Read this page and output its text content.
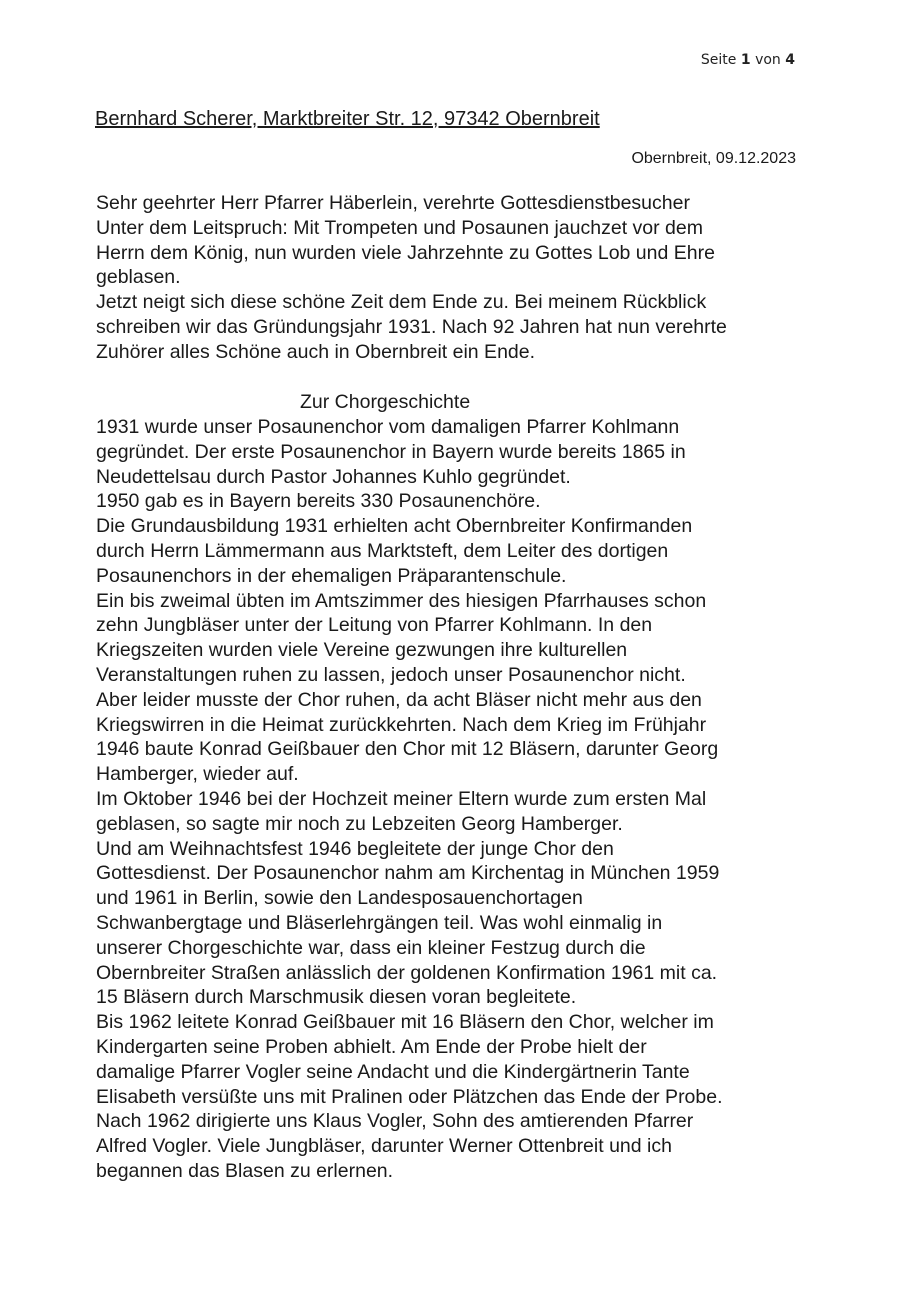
Seite 1 von 4
Bernhard Scherer, Marktbreiter Str. 12, 97342 Obernbreit
Obernbreit, 09.12.2023

Sehr geehrter Herr Pfarrer Häberlein, verehrte Gottesdienstbesucher

Unter dem Leitspruch: Mit Trompeten und Posaunen jauchzet vor dem

Herrn dem König, nun wurden viele Jahrzehnte zu Gottes Lob und Ehre

geblasen.

Jetzt neigt sich diese schöne Zeit dem Ende zu. Bei meinem Rückblick

schreiben wir das Gründungsjahr 1931. Nach 92 Jahren hat nun verehrte

Zuhörer alles Schöne auch in Obernbreit ein Ende.

Zur Chorgeschichte

1931 wurde unser Posaunenchor vom damaligen Pfarrer Kohlmann

gegründet. Der erste Posaunenchor in Bayern wurde bereits 1865 in

Neudettelsau durch Pastor Johannes Kuhlo gegründet.

1950 gab es in Bayern bereits 330 Posaunenchöre.

Die Grundausbildung 1931 erhielten acht Obernbreiter Konfirmanden

durch Herrn Lämmermann aus Marktsteft, dem Leiter des dortigen

Posaunenchors in der ehemaligen Präparantenschule.

Ein bis zweimal übten im Amtszimmer des hiesigen Pfarrhauses schon

zehn Jungbläser unter der Leitung von Pfarrer Kohlmann. In den

Kriegszeiten wurden viele Vereine gezwungen ihre kulturellen

Veranstaltungen ruhen zu lassen, jedoch unser Posaunenchor nicht.

Aber leider musste der Chor ruhen, da acht Bläser nicht mehr aus den

Kriegswirren in die Heimat zurückkehrten. Nach dem Krieg im Frühjahr

1946 baute Konrad Geißbauer den Chor mit 12 Bläsern, darunter Georg

Hamberger, wieder auf.

Im Oktober 1946 bei der Hochzeit meiner Eltern wurde zum ersten Mal

geblasen, so sagte mir noch zu Lebzeiten Georg Hamberger.

Und am Weihnachtsfest 1946 begleitete der junge Chor den

Gottesdienst. Der Posaunenchor nahm am Kirchentag in München 1959

und 1961 in Berlin, sowie den Landesposauenchortagen

Schwanbergtage und Bläserlehrgängen teil. Was wohl einmalig in

unserer Chorgeschichte war, dass ein kleiner Festzug durch die

Obernbreiter Straßen anlässlich der goldenen Konfirmation 1961 mit ca.

15 Bläsern durch Marschmusik diesen voran begleitete.

Bis 1962 leitete Konrad Geißbauer mit 16 Bläsern den Chor, welcher im

Kindergarten seine Proben abhielt. Am Ende der Probe hielt der

damalige Pfarrer Vogler seine Andacht und die Kindergärtnerin Tante

Elisabeth versüßte uns mit Pralinen oder Plätzchen das Ende der Probe.

Nach 1962 dirigierte uns Klaus Vogler, Sohn des amtierenden Pfarrer

Alfred Vogler. Viele Jungbläser, darunter Werner Ottenbreit und ich

begannen das Blasen zu erlernen.
